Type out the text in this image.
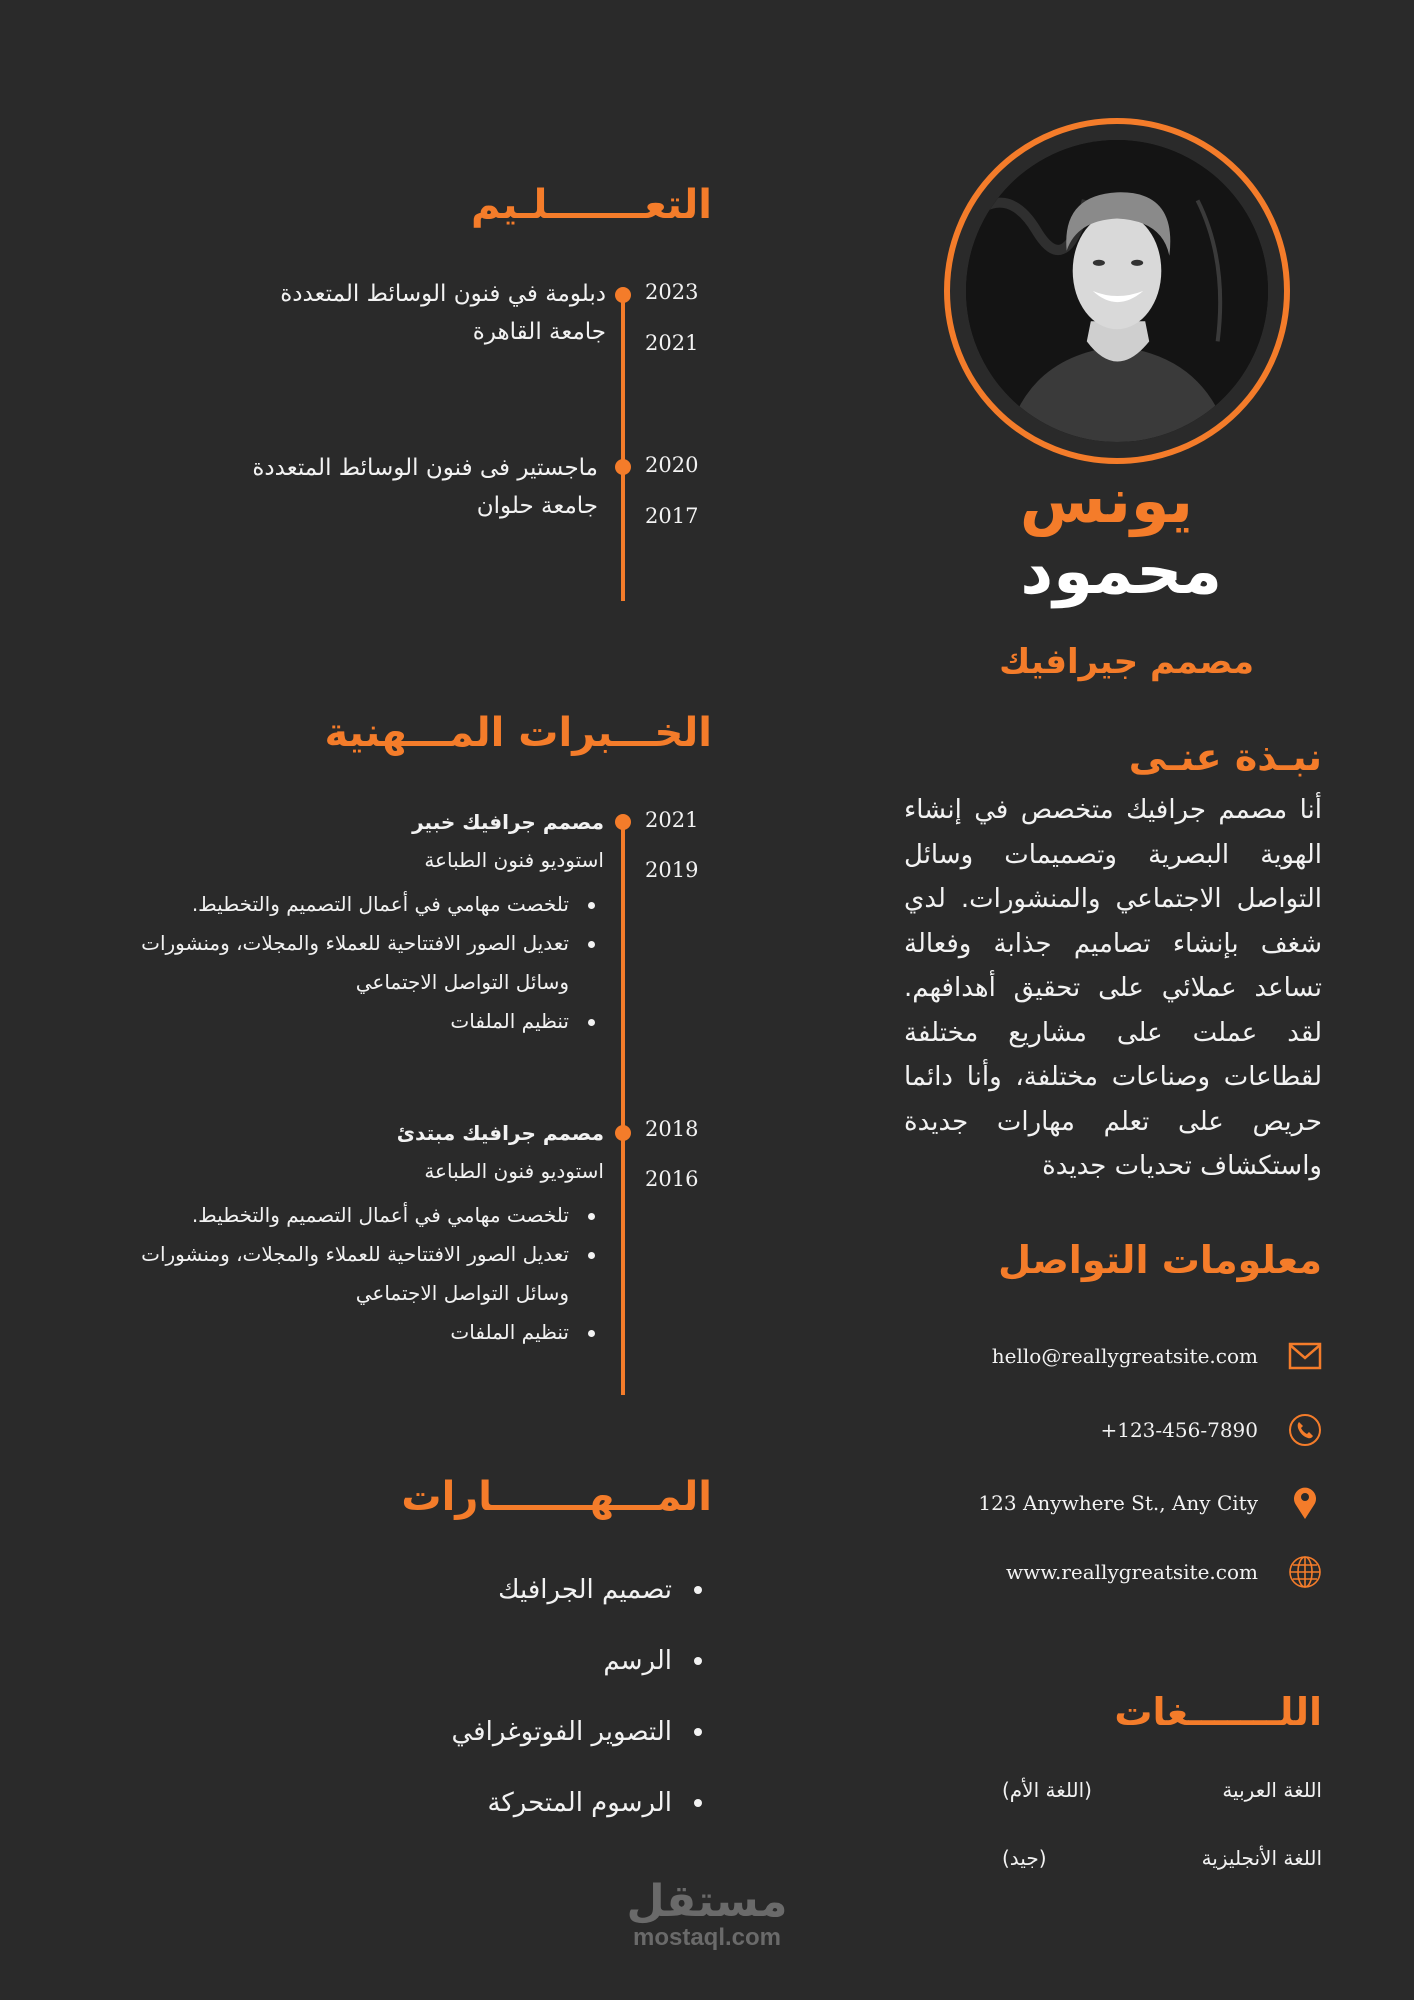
يونس
محمود
مصمم جيرافيك
نبـذة عنـى

أنا مصمم جرافيك متخصص في إنشاء الهوية البصرية وتصميمات وسائل التواصل الاجتماعي والمنشورات. لدي شغف بإنشاء تصاميم جذابة وفعالة تساعد عملائي على تحقيق أهدافهم. لقد عملت على مشاريع مختلفة لقطاعات وصناعات مختلفة، وأنا دائما حريص على تعلم مهارات جديدة واستكشاف تحديات جديدة

معلومات التواصل
hello@reallygreatsite.com
+123-456-7890
123 Anywhere St., Any City
www.reallygreatsite.com
اللـــــــغات
اللغة العربية
(اللغة الأم)
اللغة الأنجليزية
(جيد)
التعـــــــلـيم
2023
2021
دبلومة في فنون الوسائط المتعددة
جامعة القاهرة
2020
2017
ماجستير فى فنون الوسائط المتعددة
جامعة حلوان
الخـــبرات المـــهنية
2021
2019
مصمم جرافيك خبير
استوديو فنون الطباعة
تلخصت مهامي في أعمال التصميم والتخطيط.
تعديل الصور الافتتاحية للعملاء والمجلات، ومنشورات
وسائل التواصل الاجتماعي
تنظيم الملفات
2018
2016
مصمم جرافيك مبتدئ
استوديو فنون الطباعة
تلخصت مهامي في أعمال التصميم والتخطيط.
تعديل الصور الافتتاحية للعملاء والمجلات، ومنشورات
وسائل التواصل الاجتماعي
تنظيم الملفات
المـــهـــــــارات
تصميم الجرافيك
الرسم
التصوير الفوتوغرافي
الرسوم المتحركة
مستقل
mostaql.com
